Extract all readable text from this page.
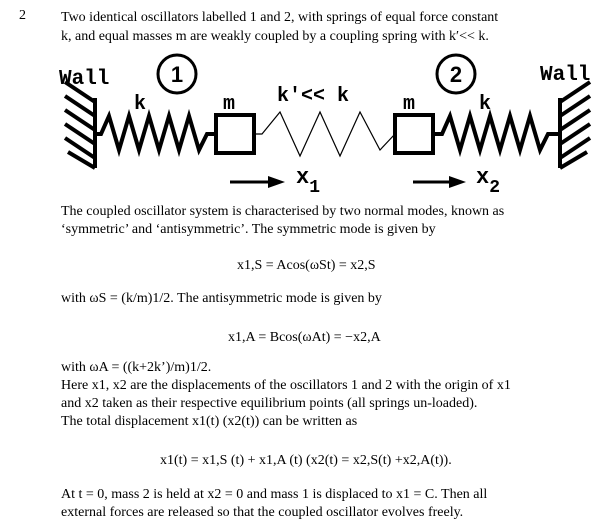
2	Two identical oscillators labelled 1 and 2, with springs of equal force constant
k, and equal masses m are weakly coupled by a coupling spring with k′<< k.
1	2
Wall	Wall
k	k
m	m
k'<< k
$x_1$	$x_2$
The coupled oscillator system is characterised by two normal modes, known as
‘symmetric’ and ‘antisymmetric’. The symmetric mode is given by
x1,S = Acos(ωSt) = x2,S
with ωS = (k/m)1/2. The antisymmetric mode is given by
x1,A = Bcos(ωAt) = −x2,A
with ωA = ((k+2k’)/m)1/2.
Here x1, x2 are the displacements of the oscillators 1 and 2 with the origin of x1
and x2 taken as their respective equilibrium points (all springs un-loaded).
The total displacement x1(t) (x2(t)) can be written as
x1(t) = x1,S (t) + x1,A (t) (x2(t) = x2,S(t) +x2,A(t)).
At t = 0, mass 2 is held at x2 = 0 and mass 1 is displaced to x1 = C. Then all
external forces are released so that the coupled oscillator evolves freely.
